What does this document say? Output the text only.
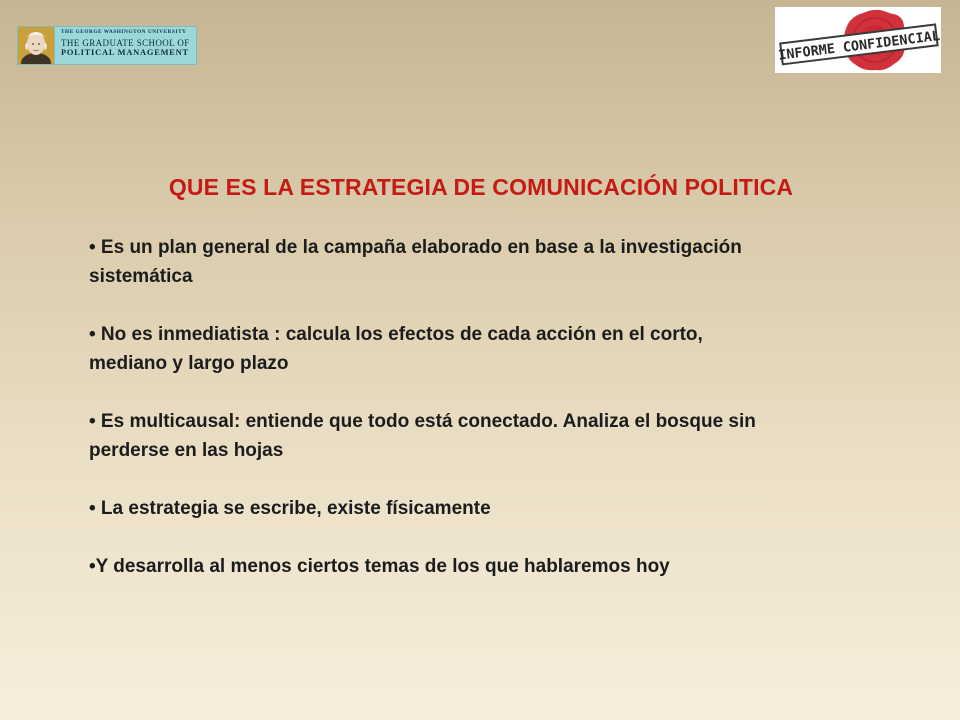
THE GEORGE WASHINGTON UNIVERSITY
THE GRADUATE SCHOOL OF
POLITICAL MANAGEMENT	INFORME CONFIDENCIAL
QUE ES LA ESTRATEGIA DE COMUNICACIÓN POLITICA
• Es un plan general de la campaña elaborado en base a la investigación sistemática
• No es inmediatista : calcula los efectos de cada acción en el corto, mediano y largo plazo
• Es multicausal: entiende que todo está conectado. Analiza el bosque sin perderse en las hojas
• La estrategia se escribe, existe físicamente
•Y desarrolla al menos ciertos temas de los que hablaremos hoy
